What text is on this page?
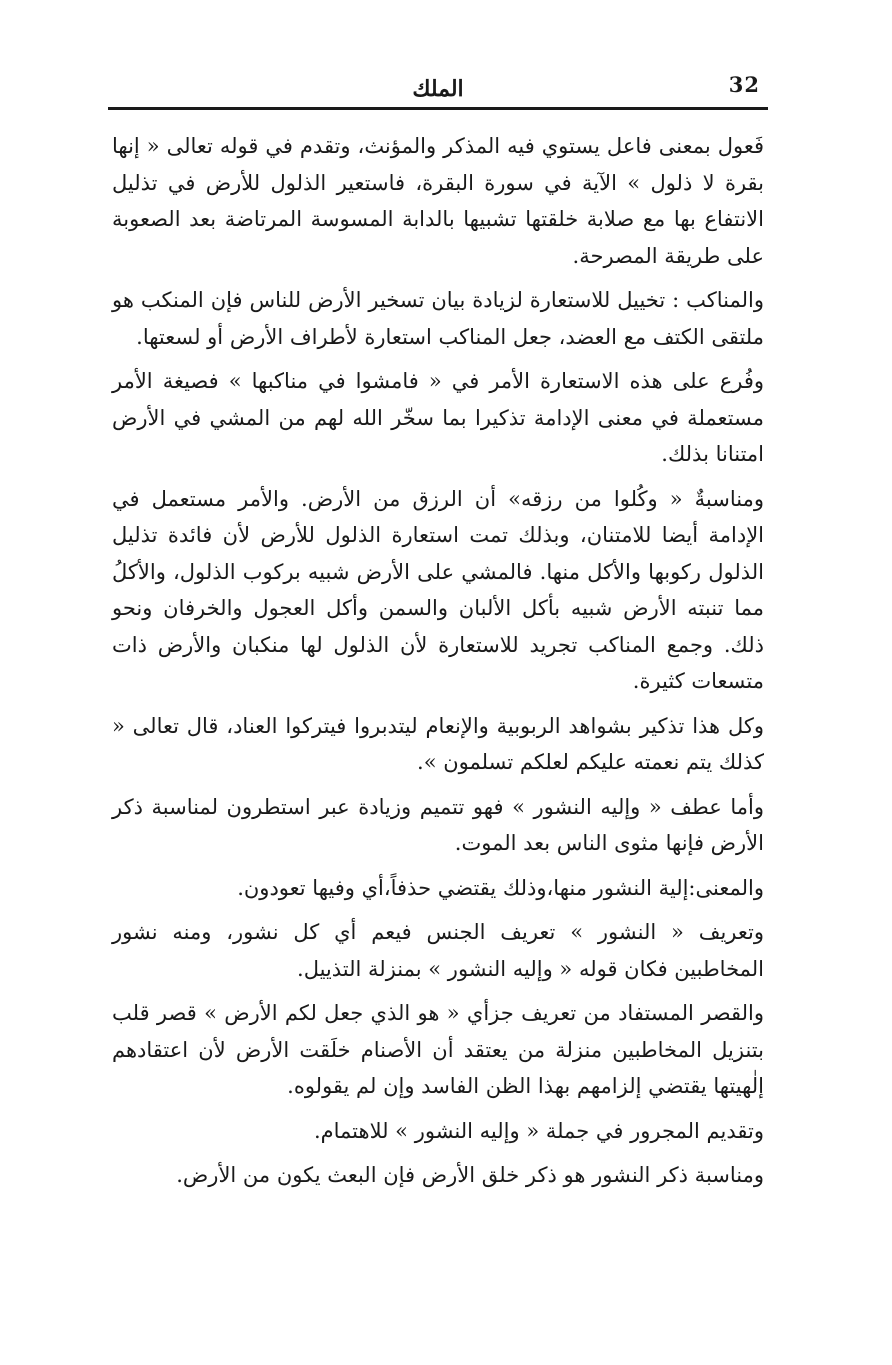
32
الملك

فَعول بمعنى فاعل يستوي فيه المذكر والمؤنث، وتقدم في قوله تعالى « إنها بقرة لا ذلول » الآية في سورة البقرة، فاستعير الذلول للأرض في تذليل الانتفاع بها مع صلابة خلقتها تشبيها بالدابة المسوسة المرتاضة بعد الصعوبة على طريقة المصرحة.

والمناكب : تخييل للاستعارة لزيادة بيان تسخير الأرض للناس فإن المنكب هو ملتقى الكتف مع العضد، جعل المناكب استعارة لأطراف الأرض أو لسعتها.

وفُرع على هذه الاستعارة الأمر في « فامشوا في مناكبها » فصيغة الأمر مستعملة في معنى الإدامة تذكيرا بما سخّر الله لهم من المشي في الأرض امتنانا بذلك.

ومناسبةٌ « وكُلوا من رزقه» أن الرزق من الأرض. والأمر مستعمل في الإدامة أيضا للامتنان، وبذلك تمت استعارة الذلول للأرض لأن فائدة تذليل الذلول ركوبها والأكل منها. فالمشي على الأرض شبيه بركوب الذلول، والأكلُ مما تنبته الأرض شبيه بأكل الألبان والسمن وأكل العجول والخرفان ونحو ذلك. وجمع المناكب تجريد للاستعارة لأن الذلول لها منكبان والأرض ذات متسعات كثيرة.

وكل هذا تذكير بشواهد الربوبية والإنعام ليتدبروا فيتركوا العناد، قال تعالى « كذلك يتم نعمته عليكم لعلكم تسلمون ».

وأما عطف « وإليه النشور » فهو تتميم وزيادة عبر استطرون لمناسبة ذكر الأرض فإنها مثوى الناس بعد الموت.

والمعنى:إلية النشور منها،وذلك يقتضي حذفاً،أي وفيها تعودون.

وتعريف « النشور » تعريف الجنس فيعم أي كل نشور، ومنه نشور المخاطبين فكان قوله « وإليه النشور » بمنزلة التذييل.

والقصر المستفاد من تعريف جزأي « هو الذي جعل لكم الأرض » قصر قلب بتنزيل المخاطبين منزلة من يعتقد أن الأصنام خلَقت الأرض لأن اعتقادهم إلٰهيتها يقتضي إلزامهم بهذا الظن الفاسد وإن لم يقولوه.

وتقديم المجرور في جملة « وإليه النشور » للاهتمام.

ومناسبة ذكر النشور هو ذكر خلق الأرض فإن البعث يكون من الأرض.
